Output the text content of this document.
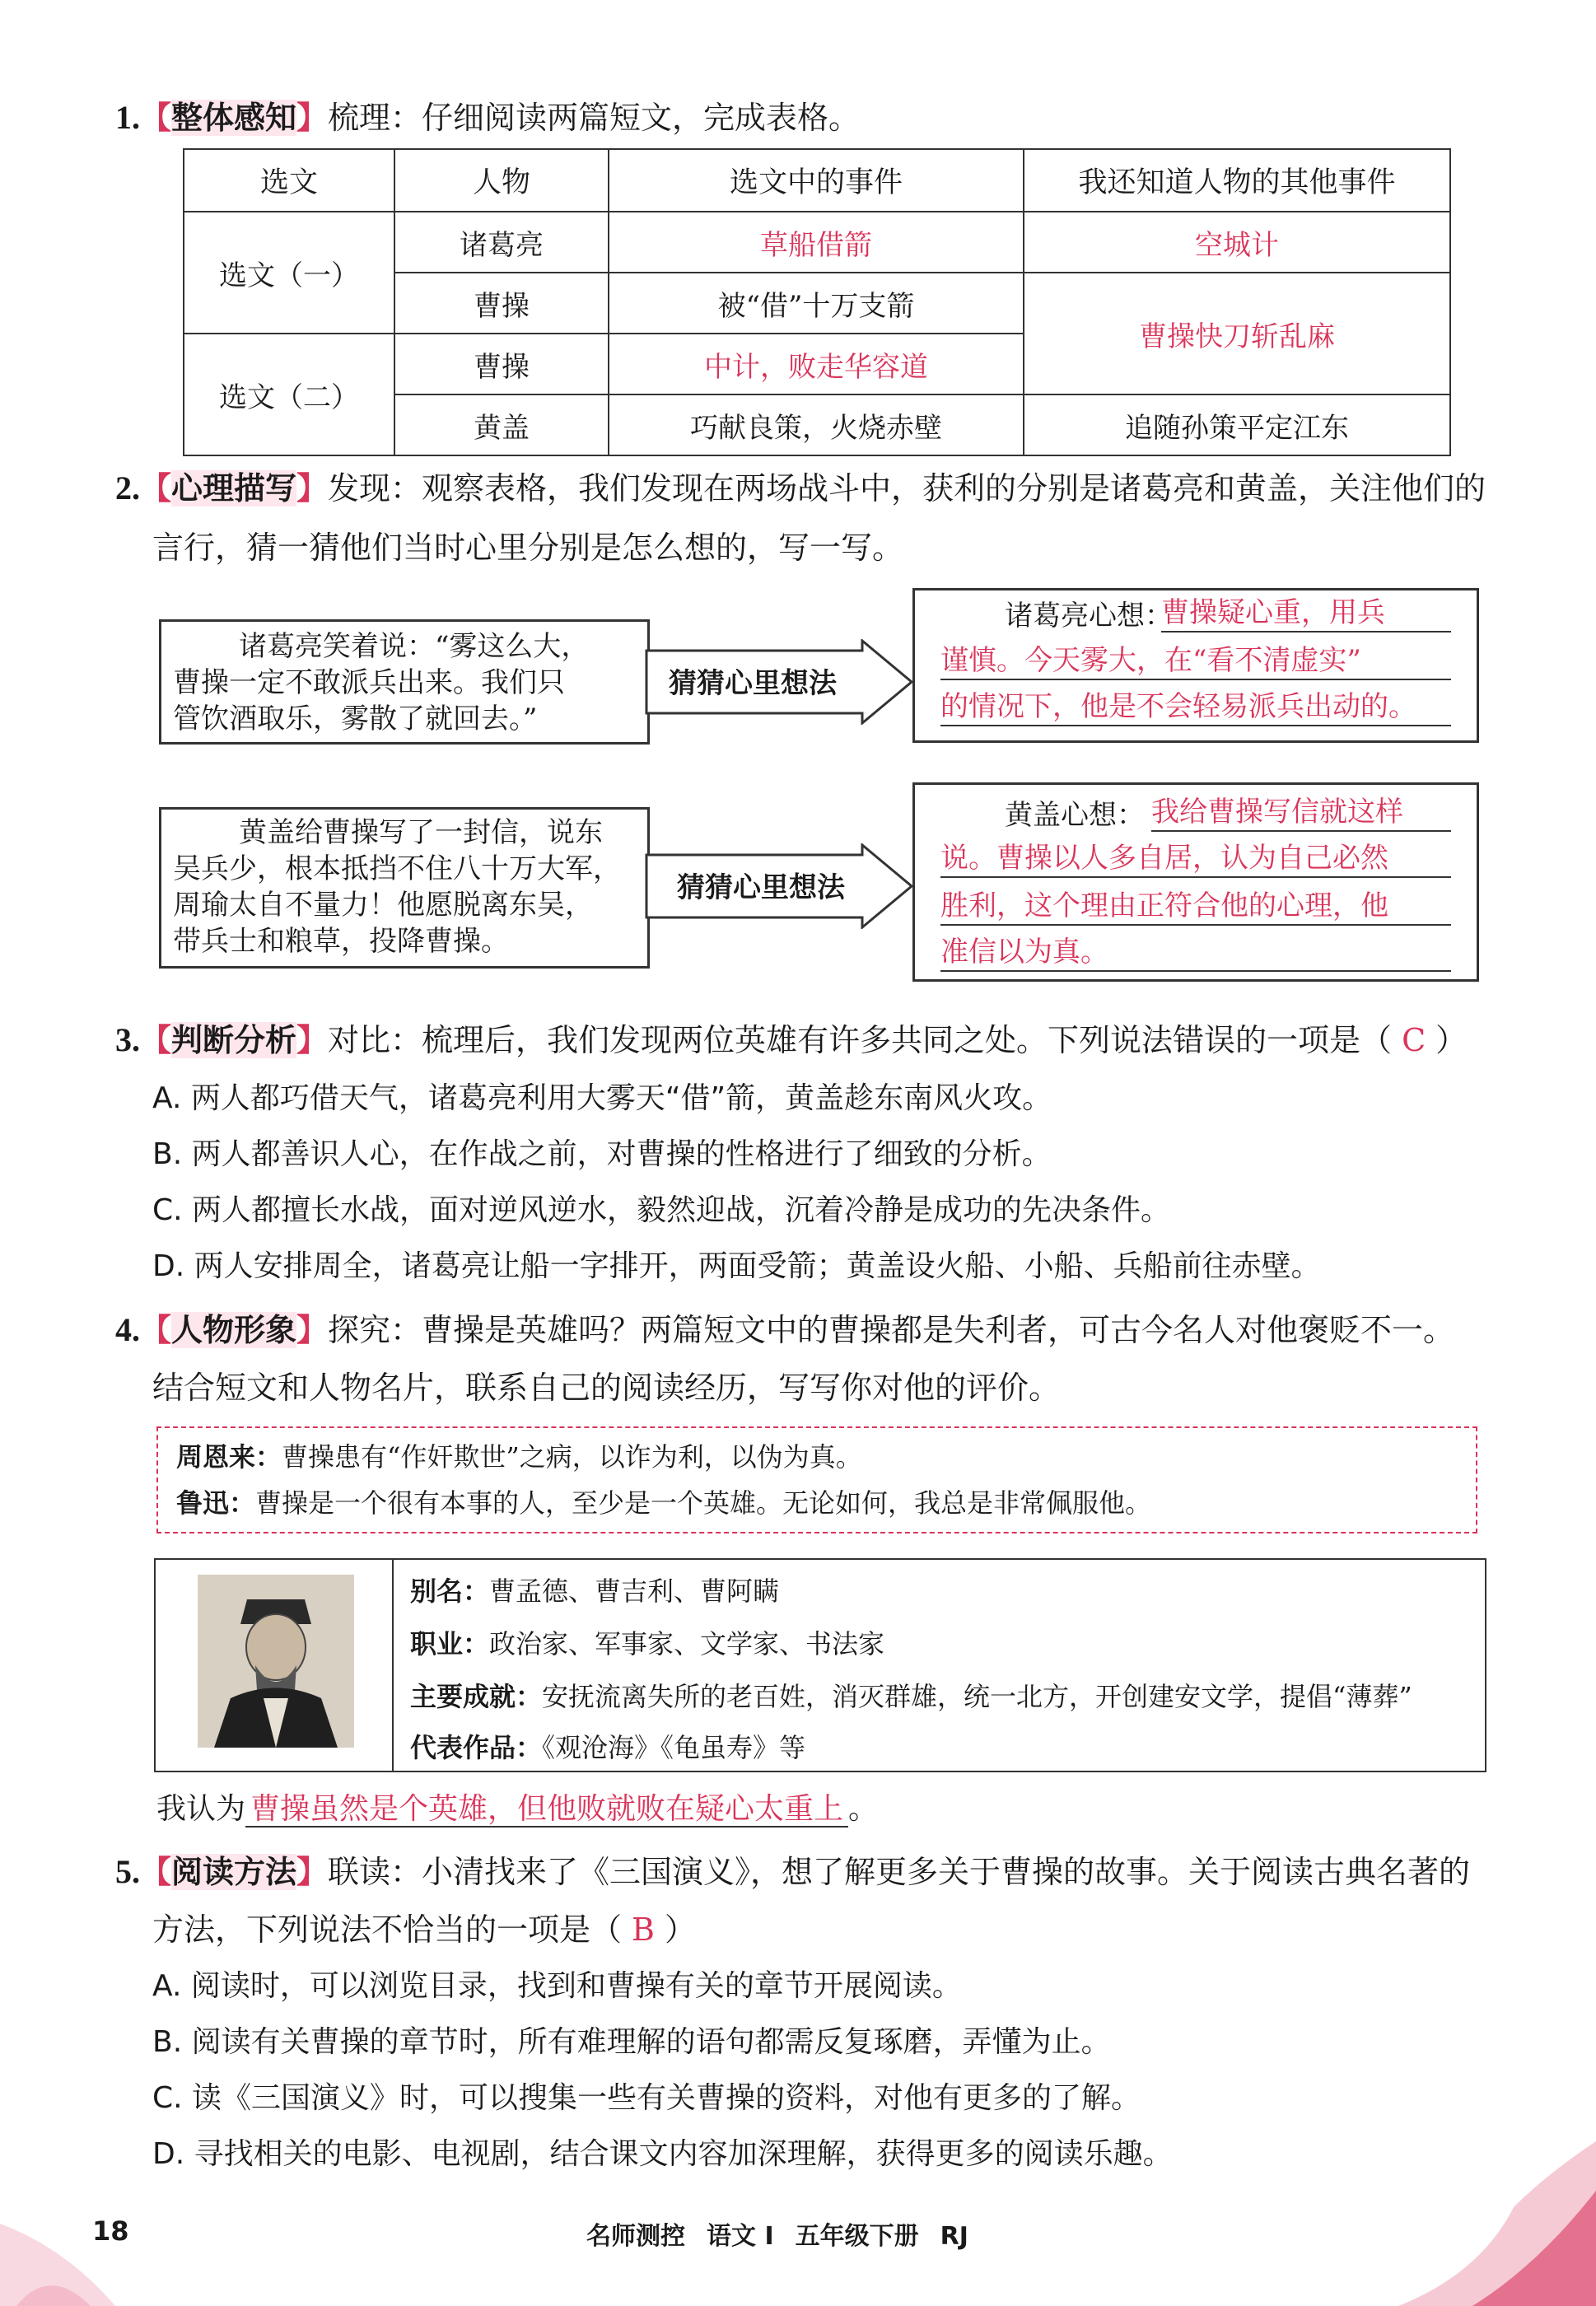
1.【整体感知】梳理：仔细阅读两篇短文，完成表格。
选文	人物	选文中的事件	我还知道人物的其他事件
选文（一）	诸葛亮	草船借箭	空城计
	曹操	被“借”十万支箭	曹操快刀斩乱麻
选文（二）	曹操	中计，败走华容道	
	黄盖	巧献良策，火烧赤壁	追随孙策平定江东
2.【心理描写】发现：观察表格，我们发现在两场战斗中，获利的分别是诸葛亮和黄盖，关注他们的
言行，猜一猜他们当时心里分别是怎么想的，写一写。
诸葛亮笑着说：“雾这么大，
曹操一定不敢派兵出来。我们只
管饮酒取乐，雾散了就回去。”
猜猜心里想法
诸葛亮心想：
曹操疑心重，用兵
谨慎。今天雾大，在“看不清虚实”
的情况下，他是不会轻易派兵出动的。
黄盖给曹操写了一封信，说东
吴兵少，根本抵挡不住八十万大军，
周瑜太自不量力！他愿脱离东吴，
带兵士和粮草，投降曹操。
猜猜心里想法
黄盖心想： 我给曹操写信就这样
说。曹操以人多自居，认为自己必然
胜利，这个理由正符合他的心理，他
准信以为真。
3.【判断分析】对比：梳理后，我们发现两位英雄有许多共同之处。下列说法错误的一项是（ C ）
A. 两人都巧借天气，诸葛亮利用大雾天“借”箭，黄盖趁东南风火攻。
B. 两人都善识人心，在作战之前，对曹操的性格进行了细致的分析。
C. 两人都擅长水战，面对逆风逆水，毅然迎战，沉着冷静是成功的先决条件。
D. 两人安排周全，诸葛亮让船一字排开，两面受箭；黄盖设火船、小船、兵船前往赤壁。
4.【人物形象】探究：曹操是英雄吗？两篇短文中的曹操都是失利者，可古今名人对他褒贬不一。
结合短文和人物名片，联系自己的阅读经历，写写你对他的评价。
周恩来：曹操患有“作奸欺世”之病，以诈为利，以伪为真。
鲁迅：曹操是一个很有本事的人，至少是一个英雄。无论如何，我总是非常佩服他。
别名：曹孟德、曹吉利、曹阿瞒
职业：政治家、军事家、文学家、书法家
主要成就：安抚流离失所的老百姓，消灭群雄，统一北方，开创建安文学，提倡“薄葬”
代表作品：《观沧海》《龟虽寿》等
我认为 曹操虽然是个英雄，但他败就败在疑心太重上 。
5.【阅读方法】联读：小清找来了《三国演义》，想了解更多关于曹操的故事。关于阅读古典名著的
方法，下列说法不恰当的一项是（ B ）
A. 阅读时，可以浏览目录，找到和曹操有关的章节开展阅读。
B. 阅读有关曹操的章节时，所有难理解的语句都需反复琢磨，弄懂为止。
C. 读《三国演义》时，可以搜集一些有关曹操的资料，对他有更多的了解。
D. 寻找相关的电影、电视剧，结合课文内容加深理解，获得更多的阅读乐趣。
18	名师测控 语文 I 五年级下册 RJ
